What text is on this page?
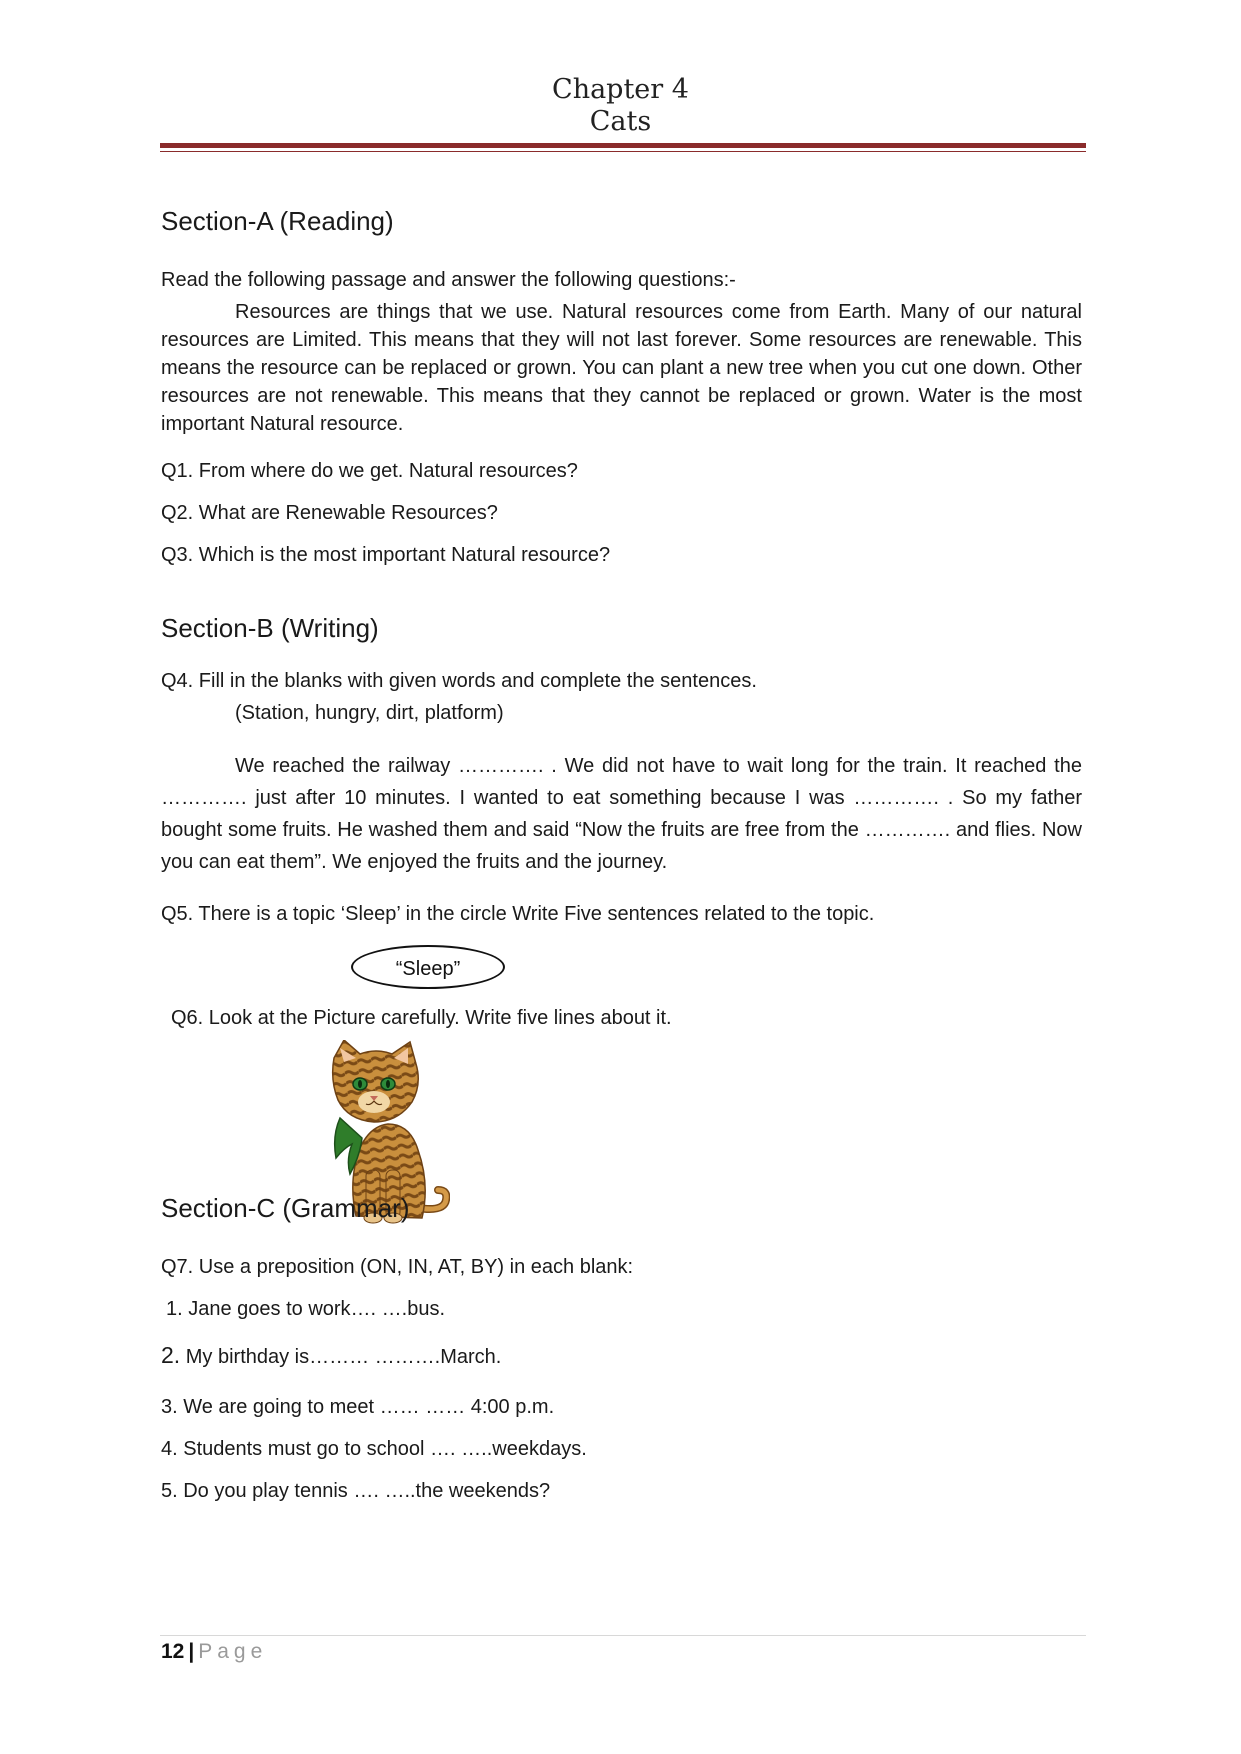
Chapter 4
Cats
Section-A (Reading)
Read the following passage and answer the following questions:-
Resources are things that we use. Natural resources come from Earth. Many of our natural resources are Limited. This means that they will not last forever. Some resources are renewable. This means the resource can be replaced or grown. You can plant a new tree when you cut one down. Other resources are not renewable. This means that they cannot be replaced or grown. Water is the most important Natural resource.
Q1. From where do we get. Natural resources?
Q2. What are Renewable Resources?
Q3. Which is the most important Natural resource?
Section-B (Writing)
Q4. Fill in the blanks with given words and complete the sentences.
(Station, hungry, dirt, platform)
We reached the railway …………. . We did not have to wait long for the train. It reached the …………. just after 10 minutes. I wanted to eat something because I was …………. . So my father bought some fruits. He washed them and said “Now the fruits are free from the …………. and flies. Now you can eat them”. We enjoyed the fruits and the journey.
Q5. There is a topic ‘Sleep’ in the circle Write Five sentences related to the topic.
“Sleep”
Q6. Look at the Picture carefully. Write five lines about it.
Section-C (Grammar)
Q7. Use a preposition (ON, IN, AT, BY) in each blank:
1. Jane goes to work…. ….bus.
2. My birthday is……… ……….March.
3. We are going to meet …… …… 4:00 p.m.
4. Students must go to school …. …..weekdays.
5. Do you play tennis …. …..the weekends?
12 | Page
